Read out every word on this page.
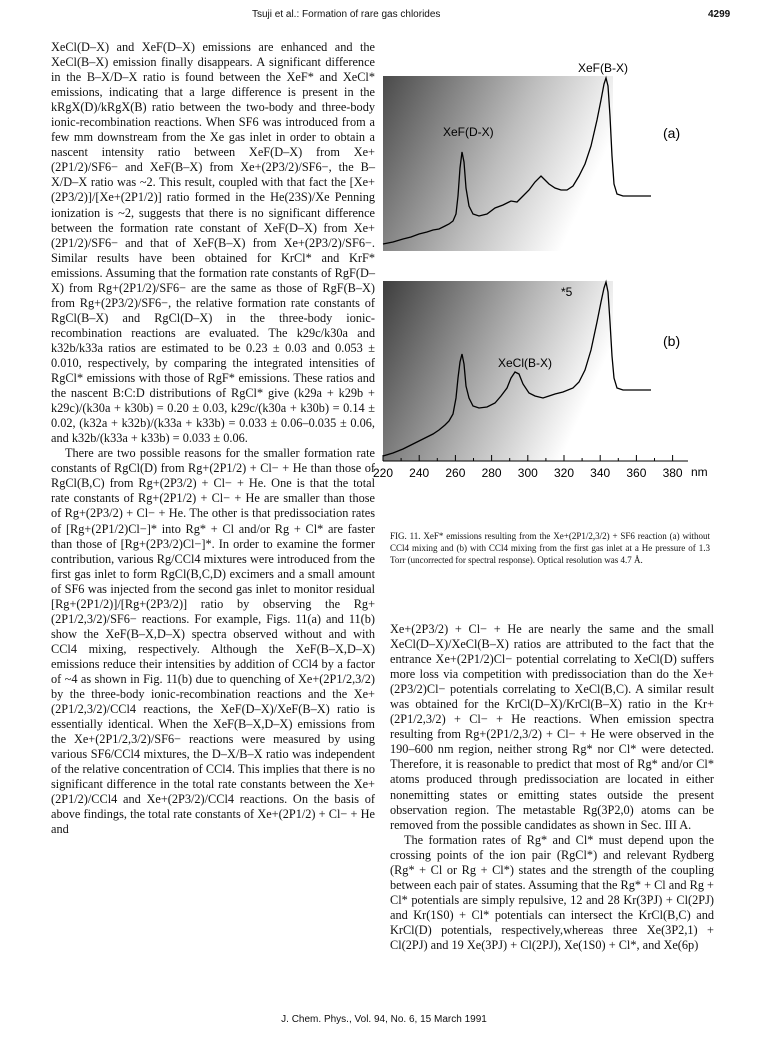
Tsuji et al.: Formation of rare gas chlorides	4299

XeCl(D–X) and XeF(D–X) emissions are enhanced and the XeCl(B–X) emission finally disappears. A significant difference in the B–X/D–X ratio is found between the XeF* and XeCl* emissions, indicating that a large difference is present in the kRgX(D)/kRgX(B) ratio between the two-body and three-body ionic-recombination reactions. When SF6 was introduced from a few mm downstream from the Xe gas inlet in order to obtain a nascent intensity ratio between XeF(D–X) from Xe+(2P1/2)/SF6− and XeF(B–X) from Xe+(2P3/2)/SF6−, the B–X/D–X ratio was ~2. This result, coupled with that fact the [Xe+(2P3/2)]/[Xe+(2P1/2)] ratio formed in the He(23S)/Xe Penning ionization is ~2, suggests that there is no significant difference between the formation rate constant of XeF(D–X) from Xe+(2P1/2)/SF6− and that of XeF(B–X) from Xe+(2P3/2)/SF6−. Similar results have been obtained for KrCl* and KrF* emissions. Assuming that the formation rate constants of RgF(D–X) from Rg+(2P1/2)/SF6− are the same as those of RgF(B–X) from Rg+(2P3/2)/SF6−, the relative formation rate constants of RgCl(B–X) and RgCl(D–X) in the three-body ionic-recombination reactions are evaluated. The k29c/k30a and k32b/k33a ratios are estimated to be 0.23 ± 0.03 and 0.053 ± 0.010, respectively, by comparing the integrated intensities of RgCl* emissions with those of RgF* emissions. These ratios and the nascent B:C:D distributions of RgCl* give (k29a + k29b + k29c)/(k30a + k30b) = 0.20 ± 0.03, k29c/(k30a + k30b) = 0.14 ± 0.02, (k32a + k32b)/(k33a + k33b) = 0.033 ± 0.06–0.035 ± 0.06, and k32b/(k33a + k33b) = 0.033 ± 0.06.

There are two possible reasons for the smaller formation rate constants of RgCl(D) from Rg+(2P1/2) + Cl− + He than those of RgCl(B,C) from Rg+(2P3/2) + Cl− + He. One is that the total rate constants of Rg+(2P1/2) + Cl− + He are smaller than those of Rg+(2P3/2) + Cl− + He. The other is that predissociation rates of [Rg+(2P1/2)Cl−]* into Rg* + Cl and/or Rg + Cl* are faster than those of [Rg+(2P3/2)Cl−]*. In order to examine the former contribution, various Rg/CCl4 mixtures were introduced from the first gas inlet to form RgCl(B,C,D) excimers and a small amount of SF6 was injected from the second gas inlet to monitor residual [Rg+(2P1/2)]/[Rg+(2P3/2)] ratio by observing the Rg+(2P1/2,3/2)/SF6− reactions. For example, Figs. 11(a) and 11(b) show the XeF(B–X,D–X) spectra observed without and with CCl4 mixing, respectively. Although the XeF(B–X,D–X) emissions reduce their intensities by addition of CCl4 by a factor of ~4 as shown in Fig. 11(b) due to quenching of Xe+(2P1/2,3/2) by the three-body ionic-recombination reactions and the Xe+(2P1/2,3/2)/CCl4 reactions, the XeF(D–X)/XeF(B–X) ratio is essentially identical. When the XeF(B–X,D–X) emissions from the Xe+(2P1/2,3/2)/SF6− reactions were measured by using various SF6/CCl4 mixtures, the D–X/B–X ratio was independent of the relative concentration of CCl4. This implies that there is no significant difference in the total rate constants between the Xe+(2P1/2)/CCl4 and Xe+(2P3/2)/CCl4 reactions. On the basis of above findings, the total rate constants of Xe+(2P1/2) + Cl− + He and

220 240 260 280 300 320 340 360 380 nm
XeF(B-X)
XeF(D-X)	(a)
*5
(b)
XeCl(B-X)
FIG. 11. XeF* emissions resulting from the Xe+(2P1/2,3/2) + SF6 reaction (a) without CCl4 mixing and (b) with CCl4 mixing from the first gas inlet at a He pressure of 1.3 Torr (uncorrected for spectral response). Optical resolution was 4.7 Å.

Xe+(2P3/2) + Cl− + He are nearly the same and the small XeCl(D–X)/XeCl(B–X) ratios are attributed to the fact that the entrance Xe+(2P1/2)Cl− potential correlating to XeCl(D) suffers more loss via competition with predissociation than do the Xe+(2P3/2)Cl− potentials correlating to XeCl(B,C). A similar result was obtained for the KrCl(D–X)/KrCl(B–X) ratio in the Kr+(2P1/2,3/2) + Cl− + He reactions. When emission spectra resulting from Rg+(2P1/2,3/2) + Cl− + He were observed in the 190–600 nm region, neither strong Rg* nor Cl* were detected. Therefore, it is reasonable to predict that most of Rg* and/or Cl* atoms produced through predissociation are located in either nonemitting states or emitting states outside the present observation region. The metastable Rg(3P2,0) atoms can be removed from the possible candidates as shown in Sec. III A.

The formation rates of Rg* and Cl* must depend upon the crossing points of the ion pair (RgCl*) and relevant Rydberg (Rg* + Cl or Rg + Cl*) states and the strength of the coupling between each pair of states. Assuming that the Rg* + Cl and Rg + Cl* potentials are simply repulsive, 12 and 28 Kr(3PJ) + Cl(2PJ) and Kr(1S0) + Cl* potentials can intersect the KrCl(B,C) and KrCl(D) potentials, respectively,whereas three Xe(3P2,1) + Cl(2PJ) and 19 Xe(3PJ) + Cl(2PJ), Xe(1S0) + Cl*, and Xe(6p)

J. Chem. Phys., Vol. 94, No. 6, 15 March 1991
